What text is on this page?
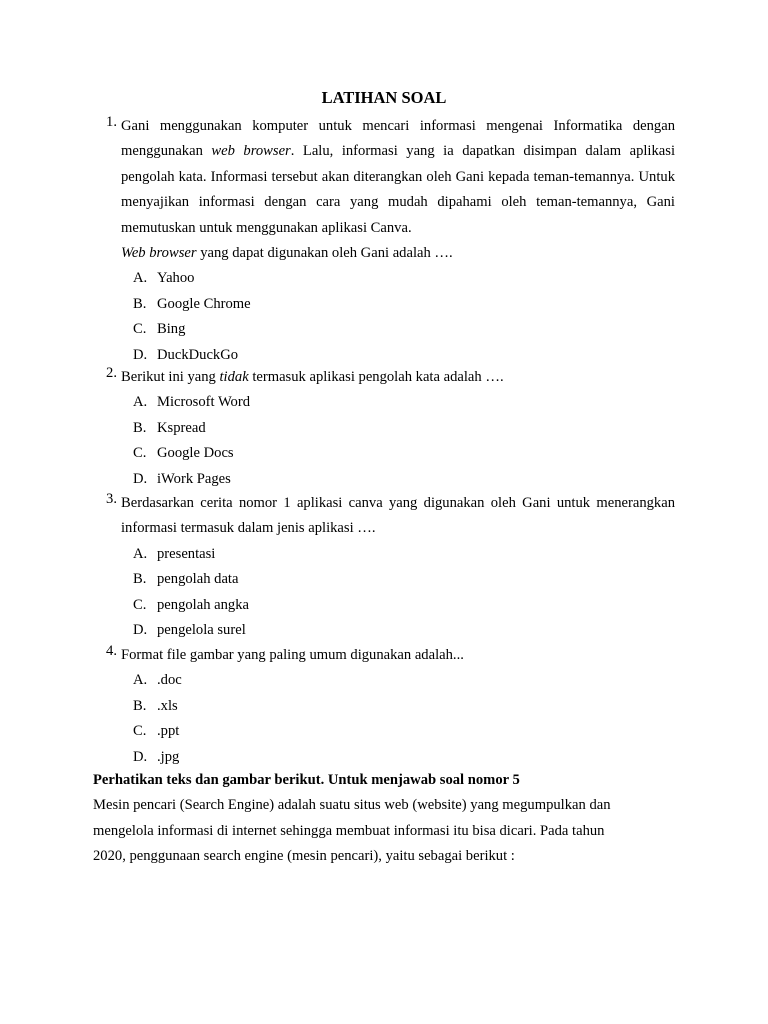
LATIHAN SOAL
1. Gani menggunakan komputer untuk mencari informasi mengenai Informatika dengan menggunakan web browser. Lalu, informasi yang ia dapatkan disimpan dalam aplikasi pengolah kata. Informasi tersebut akan diterangkan oleh Gani kepada teman-temannya. Untuk menyajikan informasi dengan cara yang mudah dipahami oleh teman-temannya, Gani memutuskan untuk menggunakan aplikasi Canva.

Web browser yang dapat digunakan oleh Gani adalah ….

A. Yahoo
B. Google Chrome
C. Bing
D. DuckDuckGo
2. Berikut ini yang tidak termasuk aplikasi pengolah kata adalah ….

A. Microsoft Word
B. Kspread
C. Google Docs
D. iWork Pages
3. Berdasarkan cerita nomor 1 aplikasi canva yang digunakan oleh Gani untuk menerangkan informasi termasuk dalam jenis aplikasi ….

A. presentasi
B. pengolah data
C. pengolah angka
D. pengelola surel
4. Format file gambar yang paling umum digunakan adalah...

A. .doc
B. .xls
C. .ppt
D. .jpg

Perhatikan teks dan gambar berikut. Untuk menjawab soal nomor 5

Mesin pencari (Search Engine) adalah suatu situs web (website) yang megumpulkan dan

mengelola informasi di internet sehingga membuat informasi itu bisa dicari. Pada tahun

2020, penggunaan search engine (mesin pencari), yaitu sebagai berikut :
